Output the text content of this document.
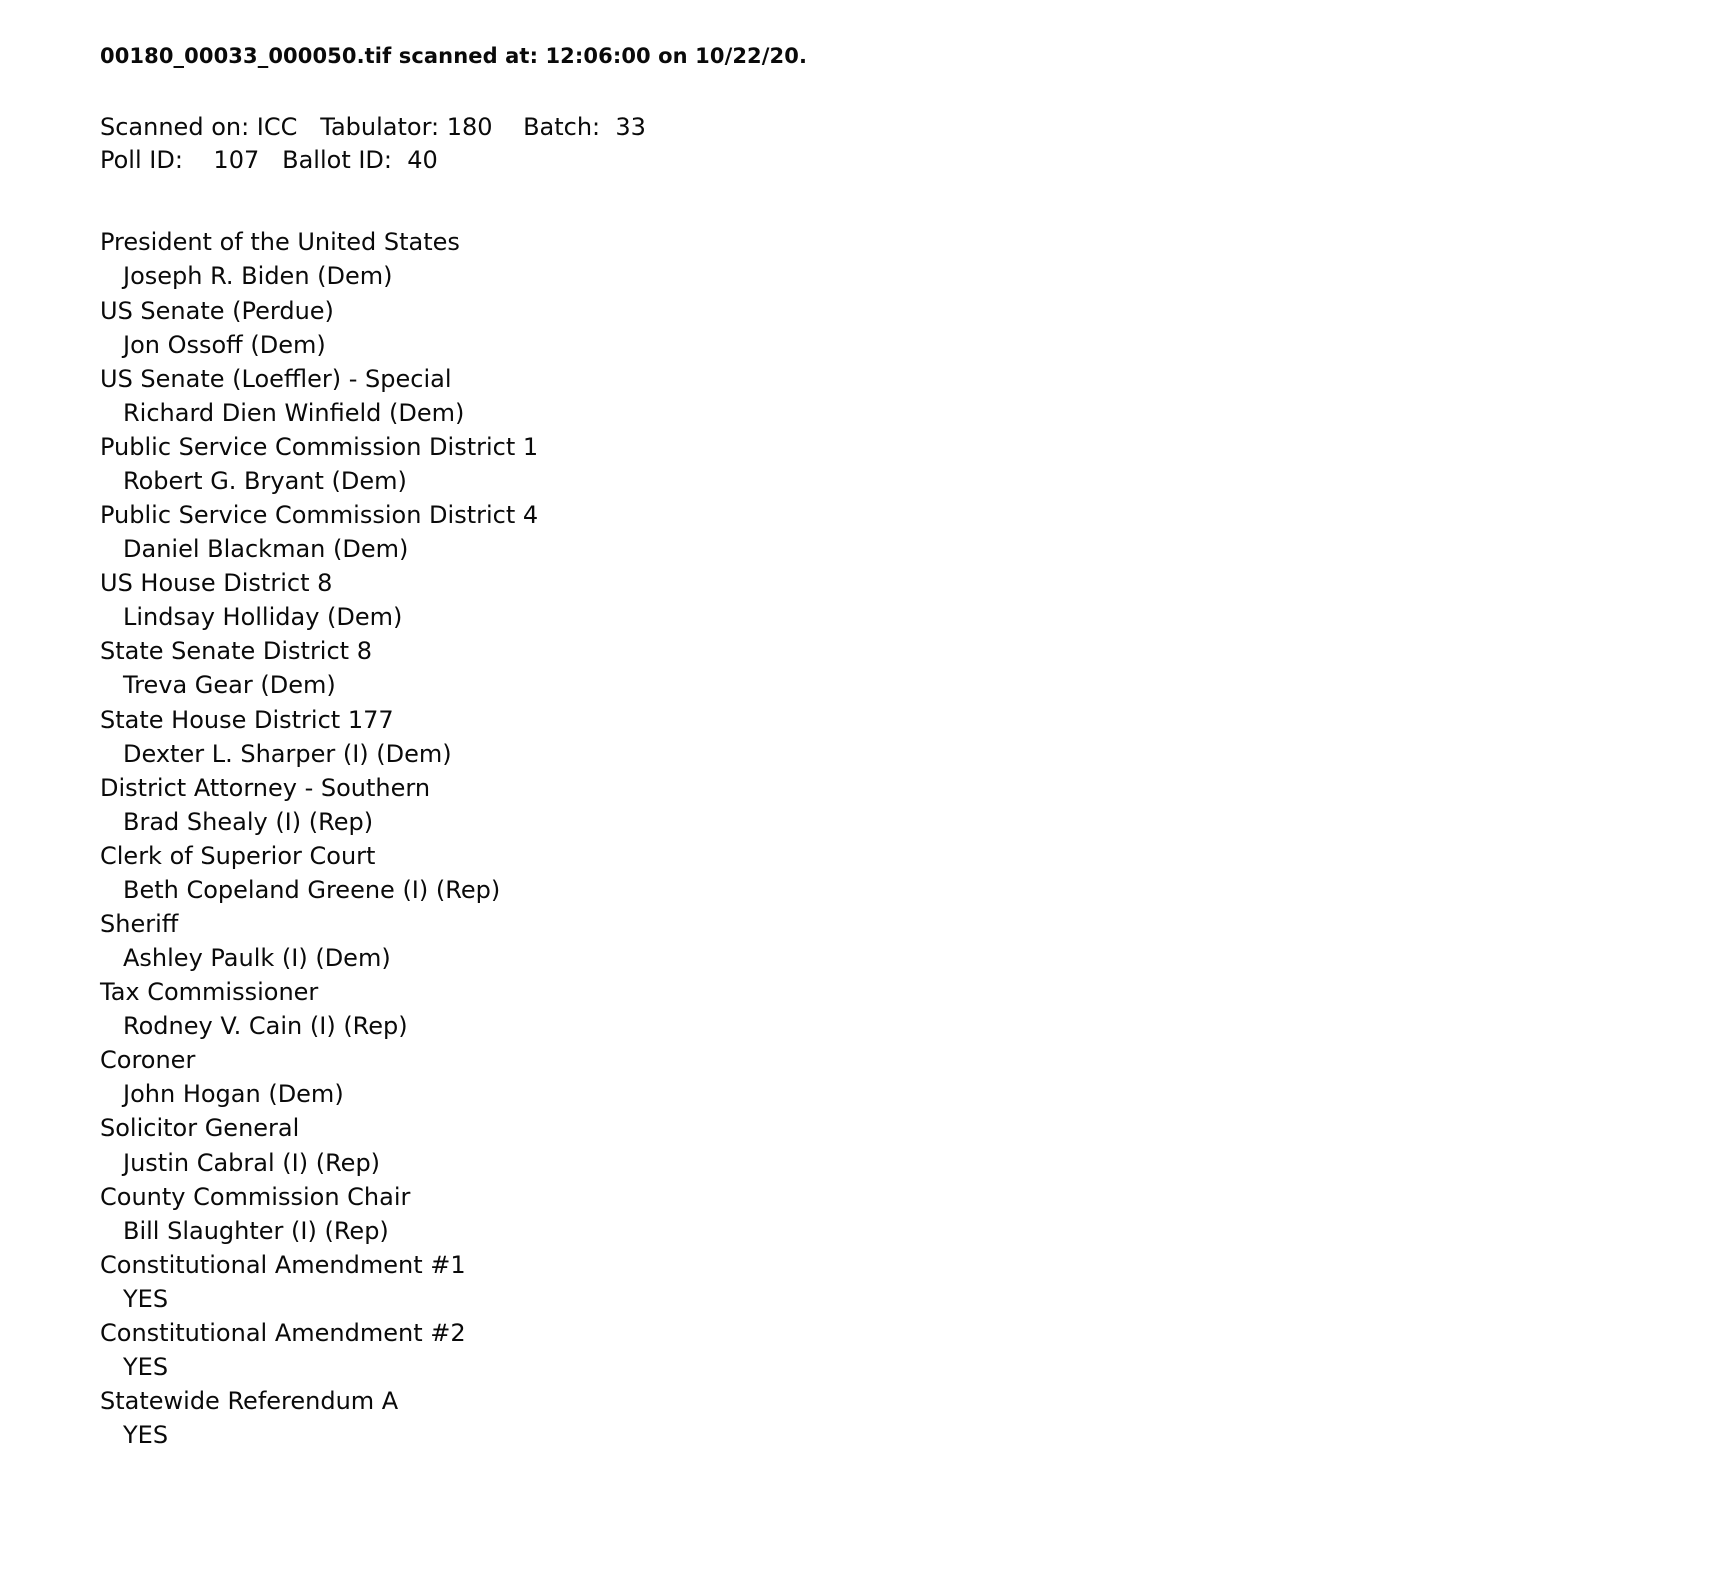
00180_00033_000050.tif scanned at: 12:06:00 on 10/22/20.
Scanned on: ICC   Tabulator: 180    Batch:  33
Poll ID:    107   Ballot ID:  40
President of the United States
Joseph R. Biden (Dem)
US Senate (Perdue)
Jon Ossoff (Dem)
US Senate (Loeffler) - Special
Richard Dien Winfield (Dem)
Public Service Commission District 1
Robert G. Bryant (Dem)
Public Service Commission District 4
Daniel Blackman (Dem)
US House District 8
Lindsay Holliday (Dem)
State Senate District 8
Treva Gear (Dem)
State House District 177
Dexter L. Sharper (I) (Dem)
District Attorney - Southern
Brad Shealy (I) (Rep)
Clerk of Superior Court
Beth Copeland Greene (I) (Rep)
Sheriff
Ashley Paulk (I) (Dem)
Tax Commissioner
Rodney V. Cain (I) (Rep)
Coroner
John Hogan (Dem)
Solicitor General
Justin Cabral (I) (Rep)
County Commission Chair
Bill Slaughter (I) (Rep)
Constitutional Amendment #1
YES
Constitutional Amendment #2
YES
Statewide Referendum A
YES
